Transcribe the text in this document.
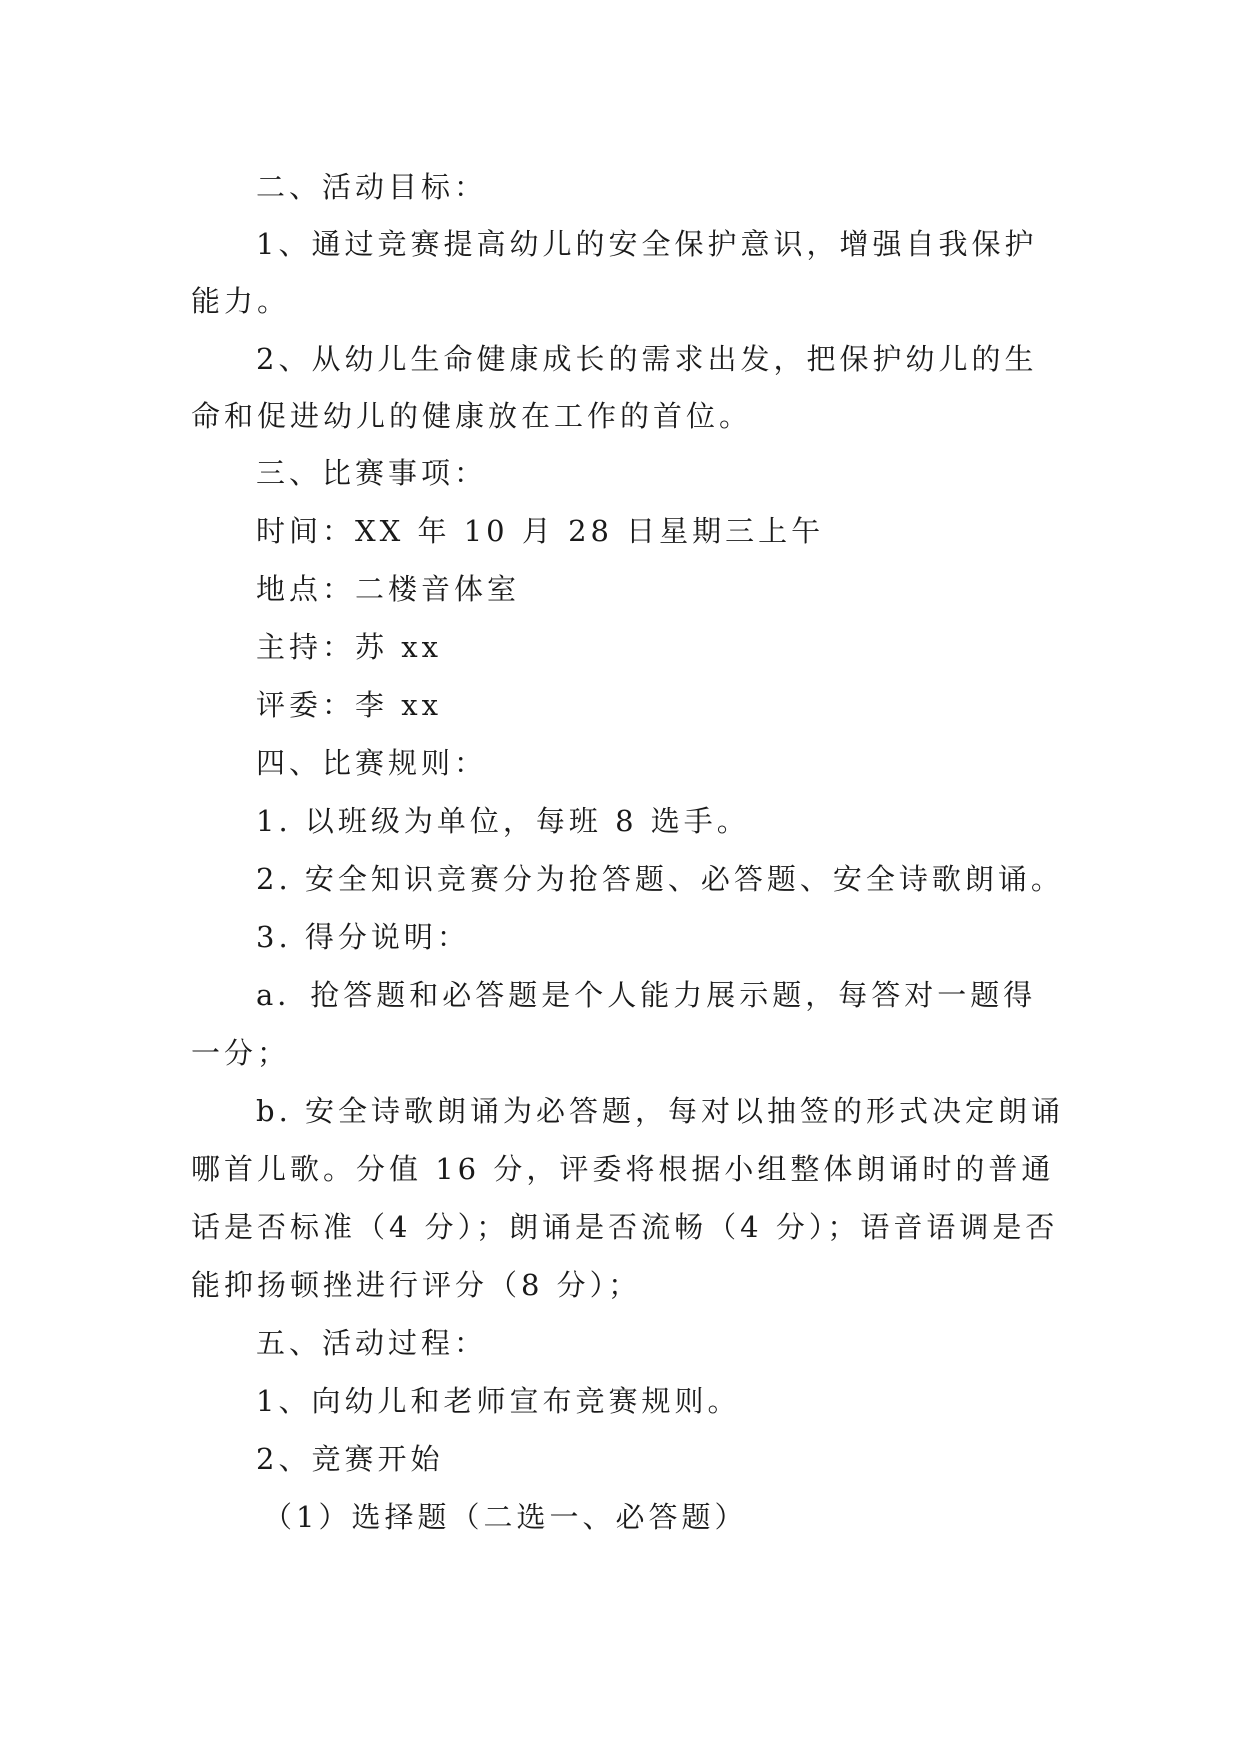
二、活动目标：
1、通过竞赛提高幼儿的安全保护意识，增强自我保护
能力。
2、从幼儿生命健康成长的需求出发，把保护幼儿的生
命和促进幼儿的健康放在工作的首位。
三、比赛事项：
时间：XX 年 10 月 28 日星期三上午
地点：二楼音体室
主持：苏 xx
评委：李 xx
四、比赛规则：
1. 以班级为单位，每班 8 选手。
2. 安全知识竞赛分为抢答题、必答题、安全诗歌朗诵。
3. 得分说明：
a．抢答题和必答题是个人能力展示题，每答对一题得
一分；
b. 安全诗歌朗诵为必答题，每对以抽签的形式决定朗诵
哪首儿歌。分值 16 分，评委将根据小组整体朗诵时的普通
话是否标准（4 分）；朗诵是否流畅（4 分）；语音语调是否
能抑扬顿挫进行评分（8 分）；
五、活动过程：
1、向幼儿和老师宣布竞赛规则。
2、竞赛开始
（1）选择题（二选一、必答题）
